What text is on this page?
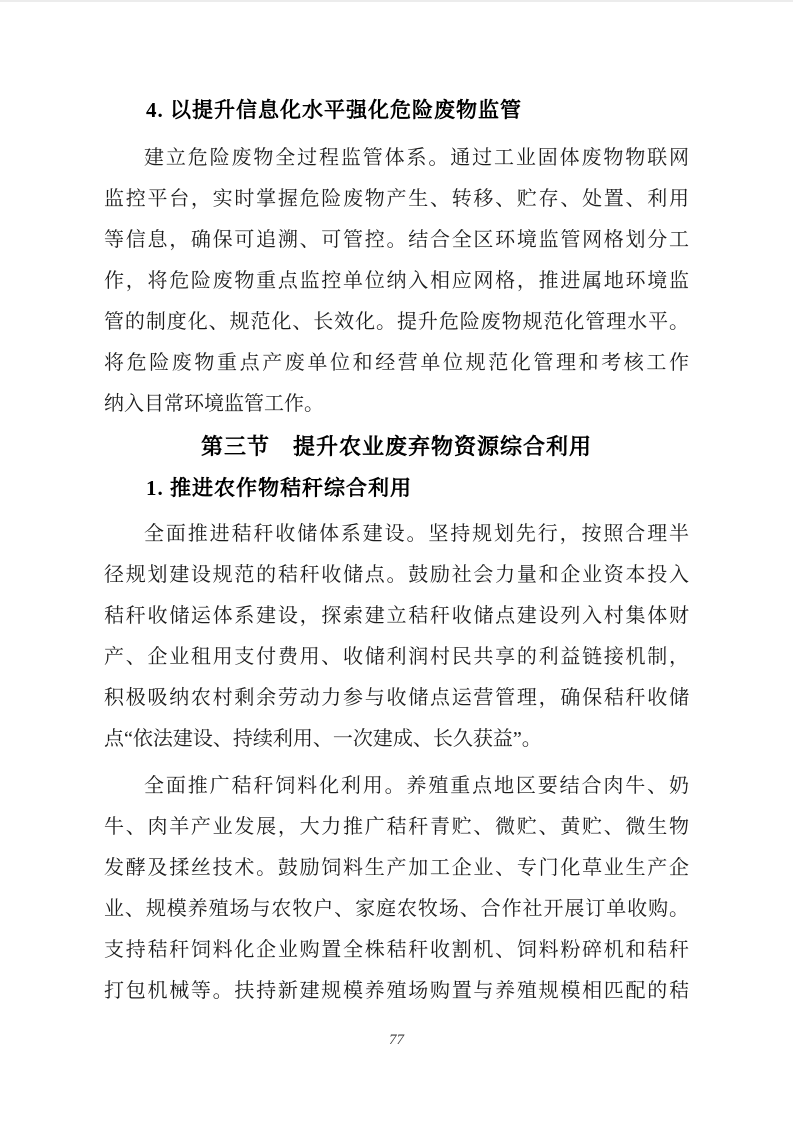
4. 以提升信息化水平强化危险废物监管
建立危险废物全过程监管体系。通过工业固体废物物联网
监控平台，实时掌握危险废物产生、转移、贮存、处置、利用
等信息，确保可追溯、可管控。结合全区环境监管网格划分工
作，将危险废物重点监控单位纳入相应网格，推进属地环境监
管的制度化、规范化、长效化。提升危险废物规范化管理水平。
将危险废物重点产废单位和经营单位规范化管理和考核工作
纳入目常环境监管工作。
第三节　提升农业废弃物资源综合利用
1. 推进农作物秸秆综合利用
全面推进秸秆收储体系建设。坚持规划先行，按照合理半
径规划建设规范的秸秆收储点。鼓励社会力量和企业资本投入
秸秆收储运体系建设，探索建立秸秆收储点建设列入村集体财
产、企业租用支付费用、收储利润村民共享的利益链接机制，
积极吸纳农村剩余劳动力参与收储点运营管理，确保秸秆收储
点“依法建设、持续利用、一次建成、长久获益”。
全面推广秸秆饲料化利用。养殖重点地区要结合肉牛、奶
牛、肉羊产业发展，大力推广秸秆青贮、微贮、黄贮、微生物
发酵及揉丝技术。鼓励饲料生产加工企业、专门化草业生产企
业、规模养殖场与农牧户、家庭农牧场、合作社开展订单收购。
支持秸秆饲料化企业购置全株秸秆收割机、饲料粉碎机和秸秆
打包机械等。扶持新建规模养殖场购置与养殖规模相匹配的秸
77
